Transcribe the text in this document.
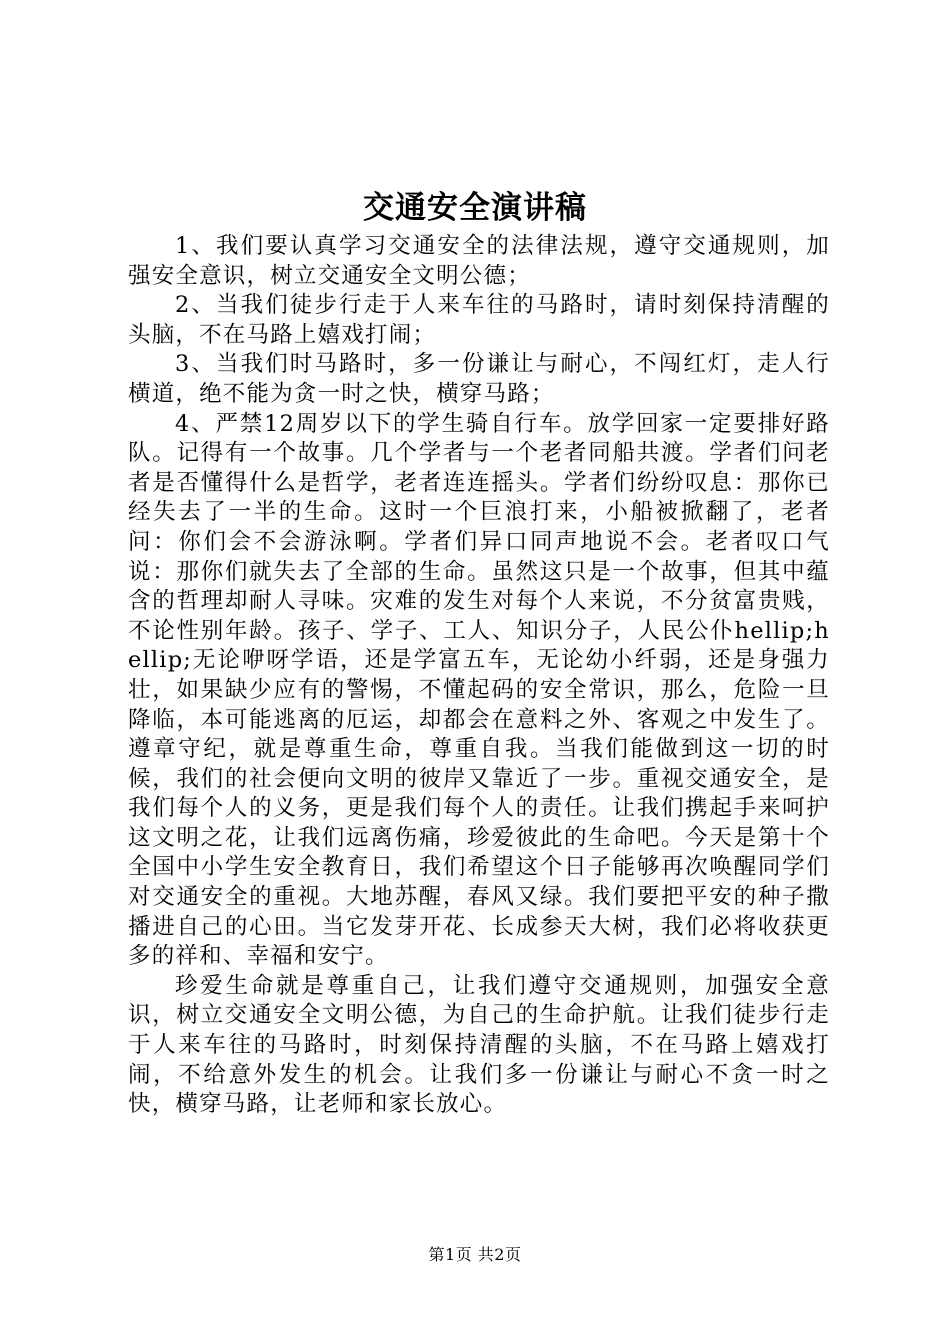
交通安全演讲稿

1、我们要认真学习交通安全的法律法规，遵守交通规则，加强安全意识，树立交通安全文明公德；

2、当我们徒步行走于人来车往的马路时，请时刻保持清醒的头脑，不在马路上嬉戏打闹；

3、当我们时马路时，多一份谦让与耐心，不闯红灯，走人行横道，绝不能为贪一时之快，横穿马路；

4、严禁12周岁以下的学生骑自行车。放学回家一定要排好路队。记得有一个故事。几个学者与一个老者同船共渡。学者们问老者是否懂得什么是哲学，老者连连摇头。学者们纷纷叹息：那你已经失去了一半的生命。这时一个巨浪打来，小船被掀翻了，老者问：你们会不会游泳啊。学者们异口同声地说不会。老者叹口气说：那你们就失去了全部的生命。虽然这只是一个故事，但其中蕴含的哲理却耐人寻味。灾难的发生对每个人来说，不分贫富贵贱，不论性别年龄。孩子、学子、工人、知识分子，人民公仆hellip;hellip;无论咿呀学语，还是学富五车，无论幼小纤弱，还是身强力壮，如果缺少应有的警惕，不懂起码的安全常识，那么，危险一旦降临，本可能逃离的厄运，却都会在意料之外、客观之中发生了。遵章守纪，就是尊重生命，尊重自我。当我们能做到这一切的时候，我们的社会便向文明的彼岸又靠近了一步。重视交通安全，是我们每个人的义务，更是我们每个人的责任。让我们携起手来呵护这文明之花，让我们远离伤痛，珍爱彼此的生命吧。今天是第十个全国中小学生安全教育日，我们希望这个日子能够再次唤醒同学们对交通安全的重视。大地苏醒，春风又绿。我们要把平安的种子撒播进自己的心田。当它发芽开花、长成参天大树，我们必将收获更多的祥和、幸福和安宁。

珍爱生命就是尊重自己，让我们遵守交通规则，加强安全意识，树立交通安全文明公德，为自己的生命护航。让我们徒步行走于人来车往的马路时，时刻保持清醒的头脑，不在马路上嬉戏打闹，不给意外发生的机会。让我们多一份谦让与耐心不贪一时之快，横穿马路，让老师和家长放心。

第1页 共2页
